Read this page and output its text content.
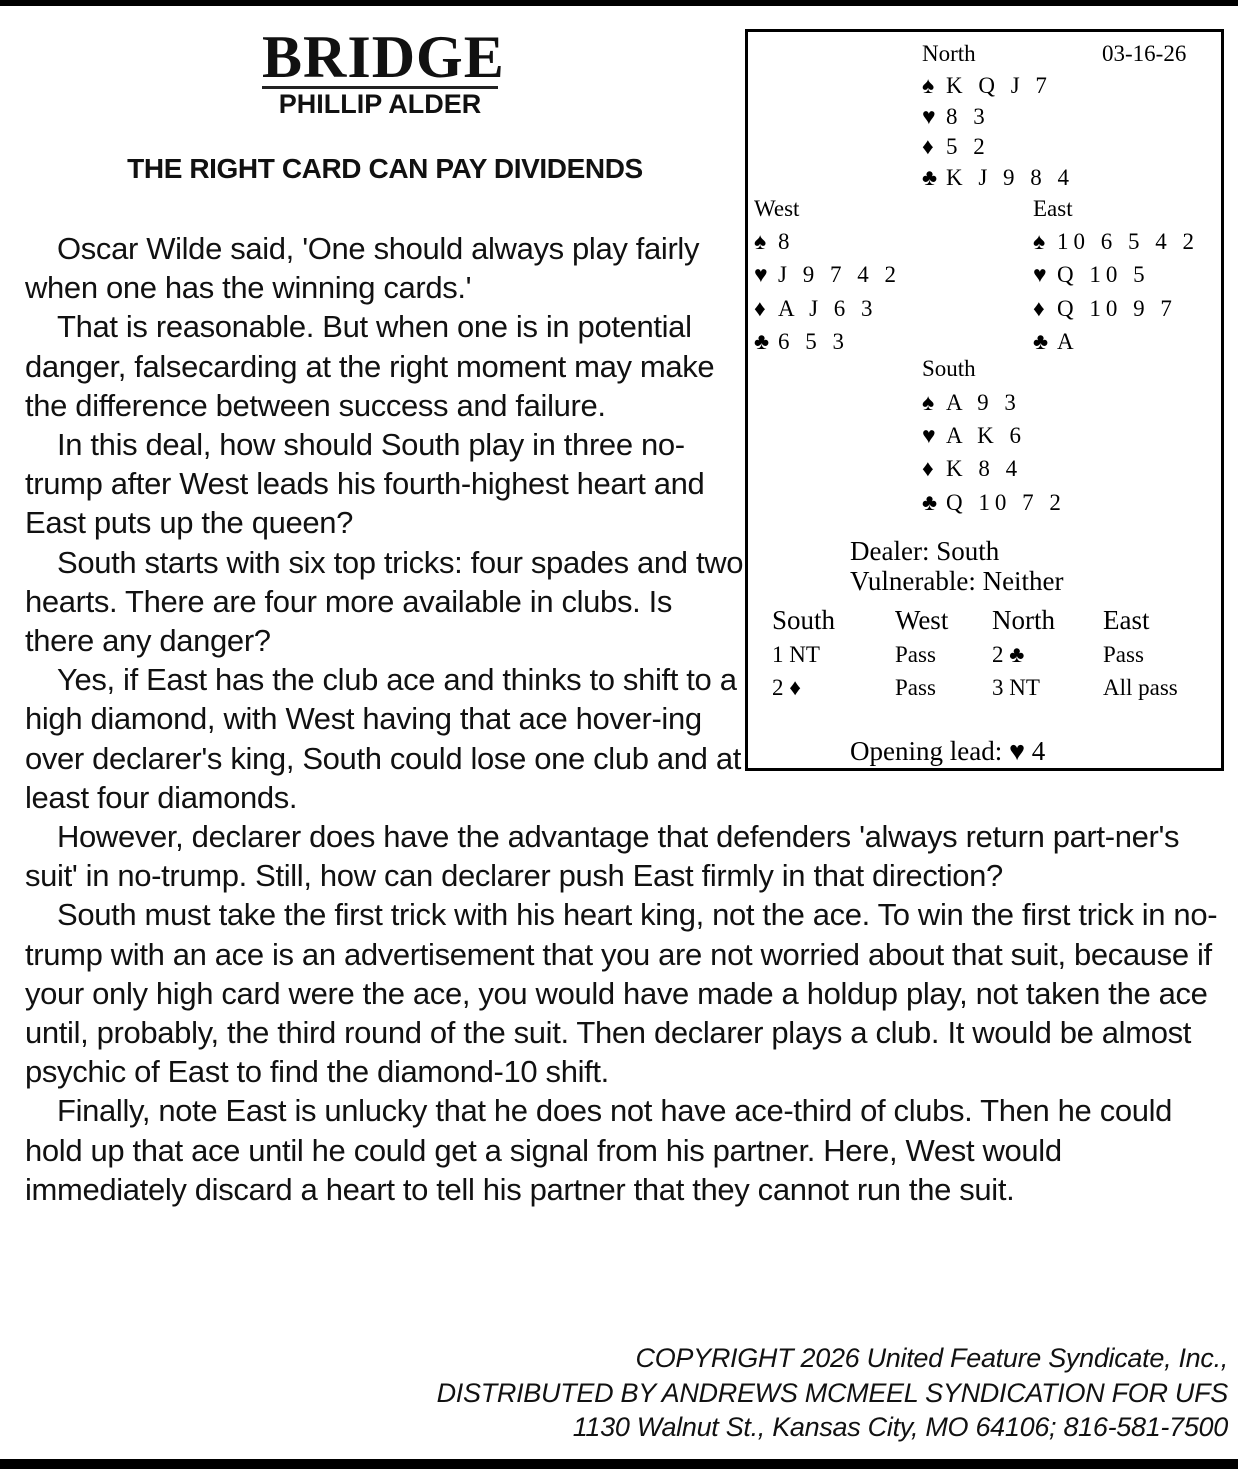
BRIDGE
PHILLIP ALDER
THE RIGHT CARD CAN PAY DIVIDENDS
03-16-26
North
♠ K Q J 7
♥ 8 3
♦ 5 2
♣ K J 9 8 4
West
♠ 8
♥ J 9 7 4 2
♦ A J 6 3
♣ 6 5 3
East
♠ 10 6 5 4 2
♥ Q 10 5
♦ Q 10 9 7
♣ A
South
♠ A 9 3
♥ A K 6
♦ K 8 4
♣ Q 10 7 2
Dealer: South
Vulnerable: Neither
South West North East
1 NT	Pass 2 ♣	Pass
2 ♦	Pass 3 NT	All pass
Opening lead: ♥ 4

Oscar Wilde said, 'One should always play fairly when one has the winning cards.'

That is reasonable. But when one is in potential danger, falsecarding at the right moment may make the difference between success and failure.

In this deal, how should South play in three no-trump after West leads his fourth-highest heart and East puts up the queen?

South starts with six top tricks: four spades and two hearts. There are four more available in clubs. Is there any danger?

Yes, if East has the club ace and thinks to shift to a high diamond, with West having that ace hover-ing over declarer's king, South could lose one club and at least four diamonds.

However, declarer does have the advantage that defenders 'always return part-ner's suit' in no-trump. Still, how can declarer push East firmly in that direction?

South must take the first trick with his heart king, not the ace. To win the first trick in no-trump with an ace is an advertisement that you are not worried about that suit, because if your only high card were the ace, you would have made a holdup play, not taken the ace until, probably, the third round of the suit. Then declarer plays a club. It would be almost psychic of East to find the diamond-10 shift.

Finally, note East is unlucky that he does not have ace-third of clubs. Then he could hold up that ace until he could get a signal from his partner. Here, West would immediately discard a heart to tell his partner that they cannot run the suit.

COPYRIGHT 2026 United Feature Syndicate, Inc.,
DISTRIBUTED BY ANDREWS MCMEEL SYNDICATION FOR UFS
1130 Walnut St., Kansas City, MO 64106; 816-581-7500
